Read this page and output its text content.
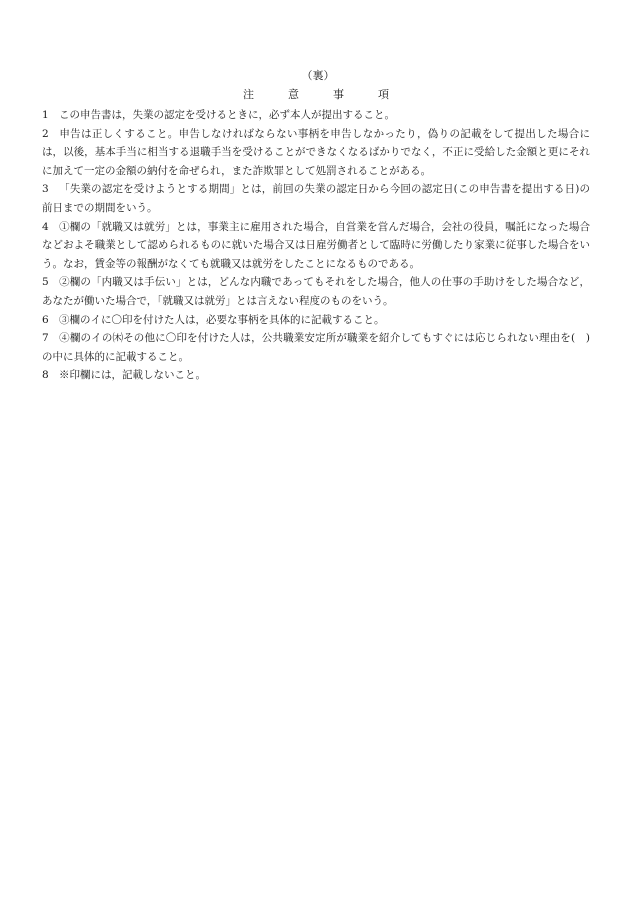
（裏）
注	意	事	項
1 この申告書は，失業の認定を受けるときに，必ず本人が提出すること。
2 申告は正しくすること。申告しなければならない事柄を申告しなかったり，偽りの記載をして提出した場合には，以後，基本手当に相当する退職手当を受けることができなくなるばかりでなく，不正に受給した金額と更にそれに加えて一定の金額の納付を命ぜられ，また詐欺罪として処罰されることがある。
3 「失業の認定を受けようとする期間」とは，前回の失業の認定日から今回の認定日(この申告書を提出する日)の前日までの期間をいう。
4 ①欄の「就職又は就労」とは，事業主に雇用された場合，自営業を営んだ場合，会社の役員，嘱託になった場合などおよそ職業として認められるものに就いた場合又は日雇労働者として臨時に労働したり家業に従事した場合をいう。なお，賃金等の報酬がなくても就職又は就労をしたことになるものである。
5 ②欄の「内職又は手伝い」とは，どんな内職であってもそれをした場合，他人の仕事の手助けをした場合など，あなたが働いた場合で，「就職又は就労」とは言えない程度のものをいう。
6 ③欄のイに〇印を付けた人は，必要な事柄を具体的に記載すること。
7 ④欄のイの㈭その他に〇印を付けた人は，公共職業安定所が職業を紹介してもすぐには応じられない理由を(　)の中に具体的に記載すること。
8 ※印欄には，記載しないこと。
